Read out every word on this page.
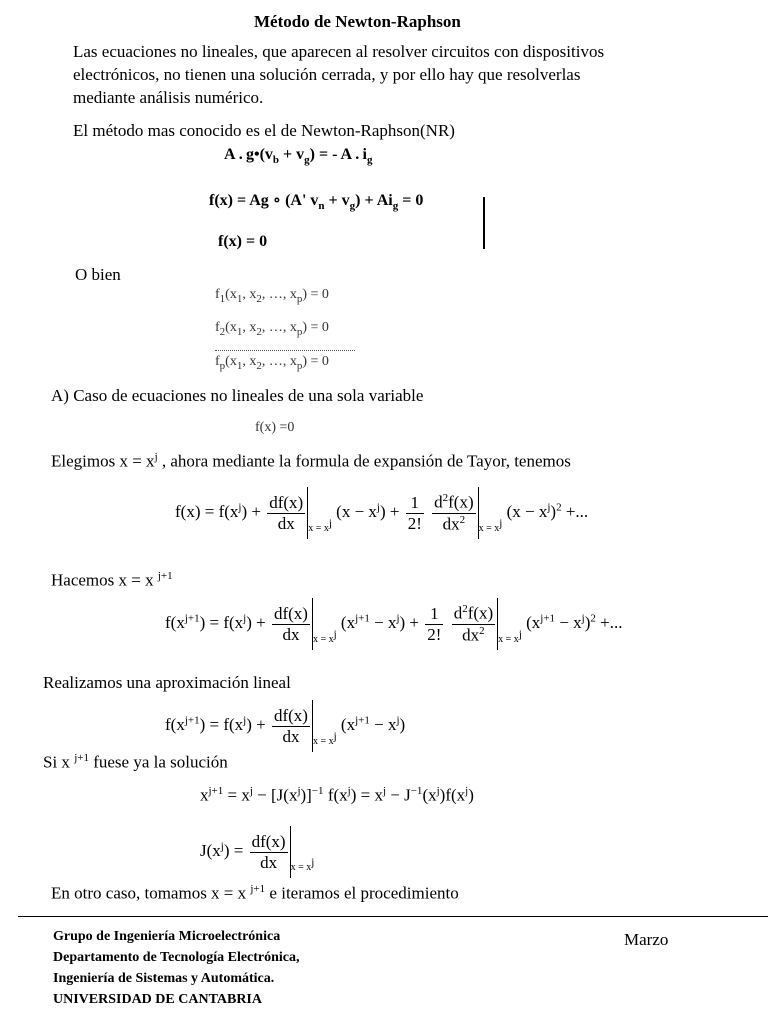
Método de Newton-Raphson
Las ecuaciones no lineales, que aparecen al resolver circuitos con dispositivos
electrónicos, no tienen una solución cerrada, y por ello hay que resolverlas
mediante análisis numérico.
El método mas conocido es el de Newton-Raphson(NR)
A . $g•(v_b + v_g)$ = - A . $i_g$
f(x) = Ag ∘ (A' $v_n + v_g) + Ai_g = 0$
f(x) = 0
O bien
$f_1(x_1$, $x_2$, …, $x_p) = 0$
$f_2(x_1$, $x_2$, …, $x_p) = 0$
$f_p(x_1$, $x_2$, …, $x_p) = 0$
A) Caso de ecuaciones no lineales de una sola variable
f(x) =0
Elegimos $x = x^j$ , ahora mediante la formula de expansión de Tayor, tenemos
$f(x) = f(x^j) + \frac{df(x)}{dx} _{x = x^j}$ $(x - x^j) + \frac{1}{2!}$
$\frac{d^2f(x)}{dx^2} _{x = x^j}$ $(x - x^j)^2$ +...
Hacemos x = x $^{j+1}$
$f(x^{j+1}) = f(x^j) + \frac{df(x)}{dx} _{x = x^j}$ $(x^{j+1} - x^j) + \frac{1}{2!}$
$\frac{d^2f(x)}{dx^2} _{x = x^j}$ $(x^{j+1} - x^j)^2$ +...
Realizamos una aproximación lineal
$f(x^{j+1}) = f(x^j) + \frac{df(x)}{dx} _{x = x^j}$ $(x^{j+1} - x^j)$
Si x $^{j+1}$ fuese ya la solución
$x^{j+1} = x^j - [J(x^j)]^{-1}$ $f(x^j) = x^j - J^{-1}(x^j)f(x^j)$
$J(x^j) = \frac{df(x)}{dx} _{x = x^j}$
En otro caso, tomamos x = x $^{j+1}$ e iteramos el procedimiento
Grupo de Ingeniería Microelectrónica
Departamento de Tecnología Electrónica,
Ingeniería de Sistemas y Automática.
UNIVERSIDAD DE CANTABRIA
Marzo
